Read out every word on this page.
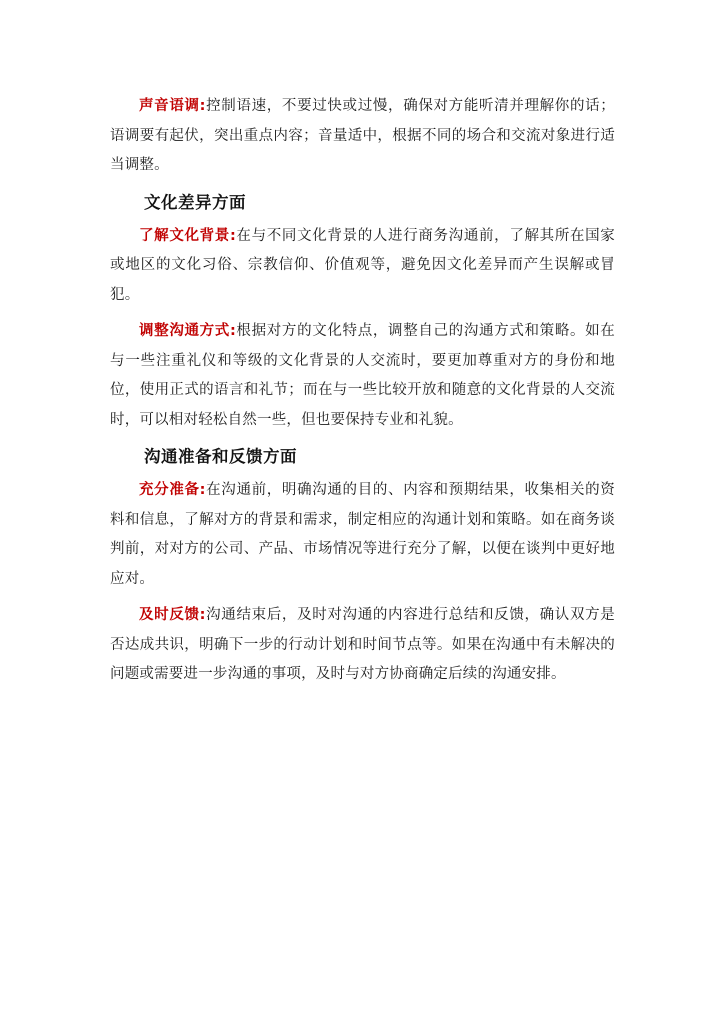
声音语调:控制语速，不要过快或过慢，确保对方能听清并理解你的话；语调要有起伏，突出重点内容；音量适中，根据不同的场合和交流对象进行适当调整。

文化差异方面

了解文化背景:在与不同文化背景的人进行商务沟通前，了解其所在国家或地区的文化习俗、宗教信仰、价值观等，避免因文化差异而产生误解或冒犯。

调整沟通方式:根据对方的文化特点，调整自己的沟通方式和策略。如在与一些注重礼仪和等级的文化背景的人交流时，要更加尊重对方的身份和地位，使用正式的语言和礼节；而在与一些比较开放和随意的文化背景的人交流时，可以相对轻松自然一些，但也要保持专业和礼貌。

沟通准备和反馈方面

充分准备:在沟通前，明确沟通的目的、内容和预期结果，收集相关的资料和信息，了解对方的背景和需求，制定相应的沟通计划和策略。如在商务谈判前，对对方的公司、产品、市场情况等进行充分了解，以便在谈判中更好地应对。

及时反馈:沟通结束后，及时对沟通的内容进行总结和反馈，确认双方是否达成共识，明确下一步的行动计划和时间节点等。如果在沟通中有未解决的问题或需要进一步沟通的事项，及时与对方协商确定后续的沟通安排。
